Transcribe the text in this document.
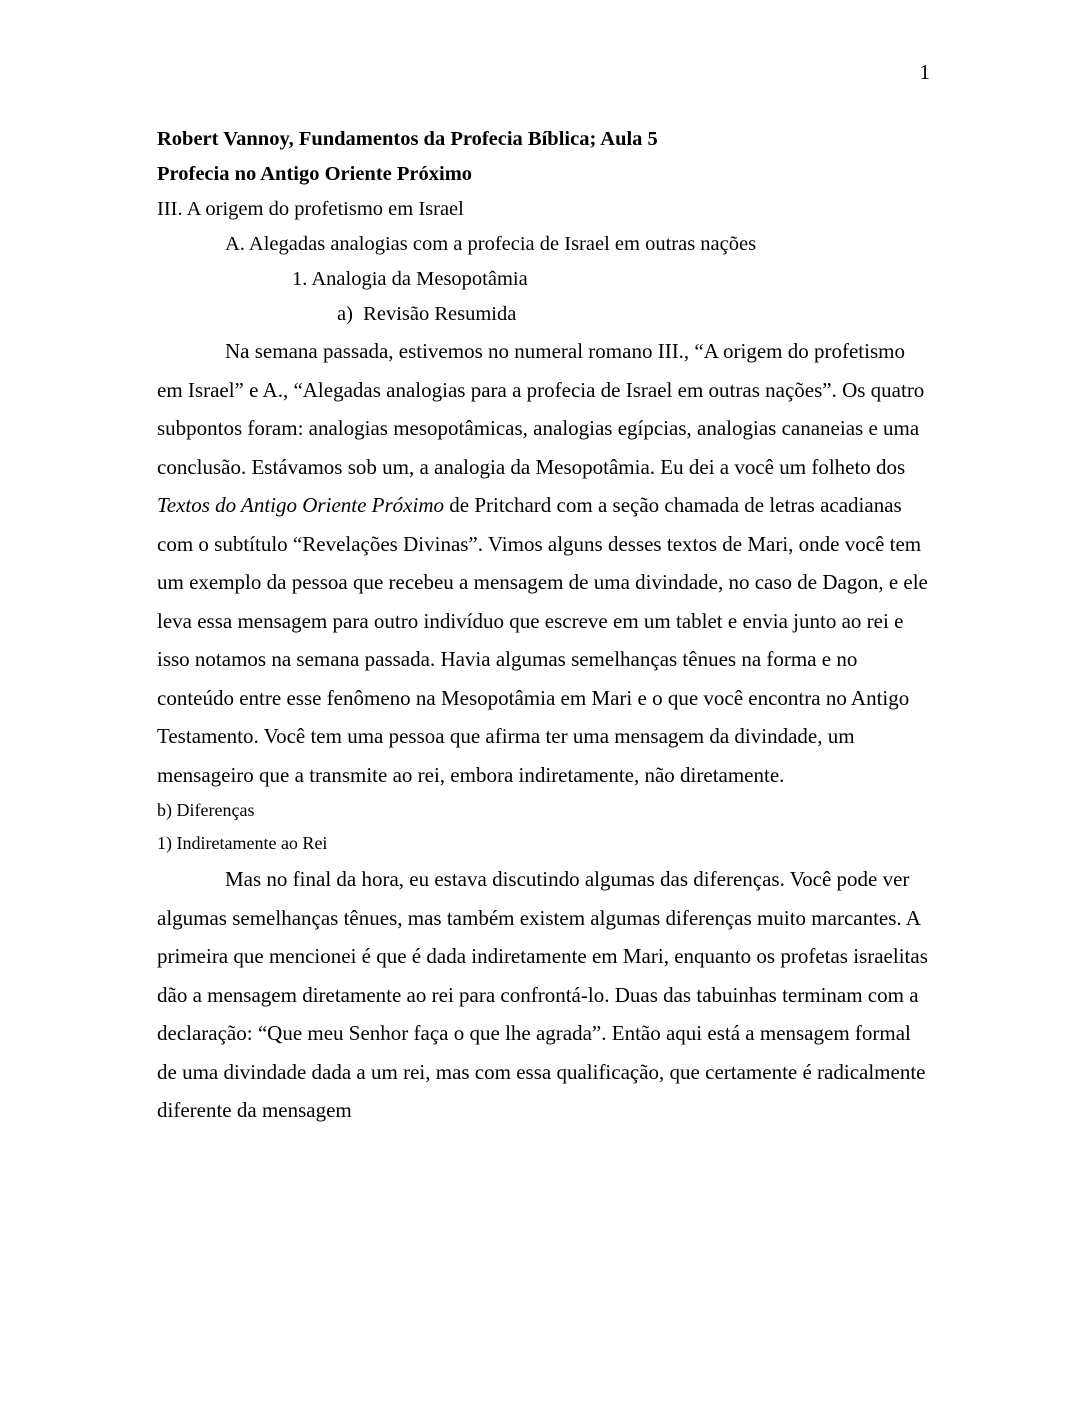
1
Robert Vannoy, Fundamentos da Profecia Bíblica; Aula 5
Profecia no Antigo Oriente Próximo
III. A origem do profetismo em Israel
A. Alegadas analogias com a profecia de Israel em outras nações
1. Analogia da Mesopotâmia
a)  Revisão Resumida

Na semana passada, estivemos no numeral romano III., “A origem do profetismo em Israel” e A., “Alegadas analogias para a profecia de Israel em outras nações”. Os quatro subpontos foram: analogias mesopotâmicas, analogias egípcias, analogias cananeias e uma conclusão. Estávamos sob um, a analogia da Mesopotâmia. Eu dei a você um folheto dos Textos do Antigo Oriente Próximo de Pritchard com a seção chamada de letras acadianas com o subtítulo “Revelações Divinas”. Vimos alguns desses textos de Mari, onde você tem um exemplo da pessoa que recebeu a mensagem de uma divindade, no caso de Dagon, e ele leva essa mensagem para outro indivíduo que escreve em um tablet e envia junto ao rei e isso notamos na semana passada. Havia algumas semelhanças tênues na forma e no conteúdo entre esse fenômeno na Mesopotâmia em Mari e o que você encontra no Antigo Testamento. Você tem uma pessoa que afirma ter uma mensagem da divindade, um mensageiro que a transmite ao rei, embora indiretamente, não diretamente.

b) Diferenças
1) Indiretamente ao Rei

Mas no final da hora, eu estava discutindo algumas das diferenças. Você pode ver algumas semelhanças tênues, mas também existem algumas diferenças muito marcantes. A primeira que mencionei é que é dada indiretamente em Mari, enquanto os profetas israelitas dão a mensagem diretamente ao rei para confrontá-lo. Duas das tabuinhas terminam com a declaração: “Que meu Senhor faça o que lhe agrada”. Então aqui está a mensagem formal de uma divindade dada a um rei, mas com essa qualificação, que certamente é radicalmente diferente da mensagem
